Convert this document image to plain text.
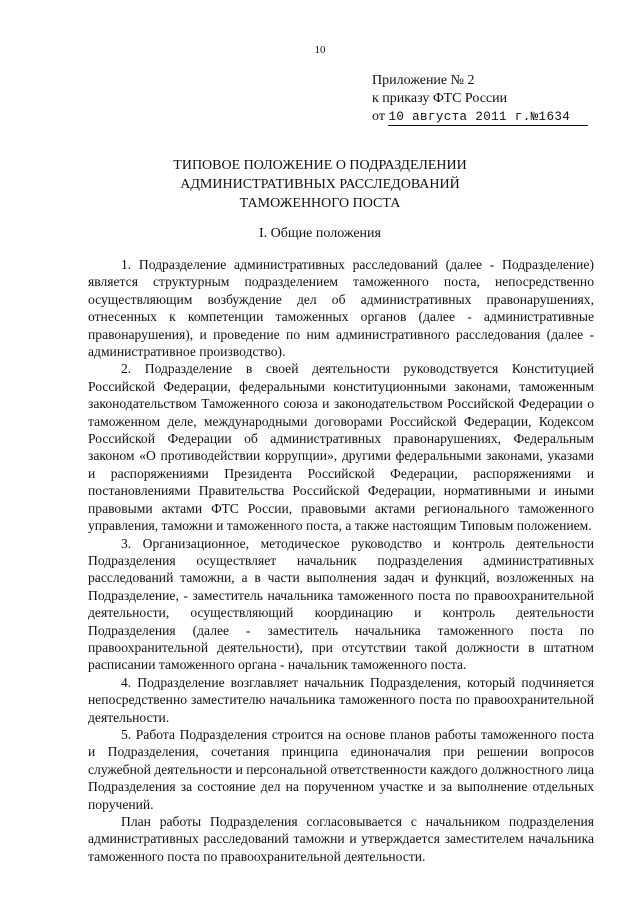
10
Приложение № 2
к приказу ФТС России
от 10 августа 2011 г.№1634
ТИПОВОЕ ПОЛОЖЕНИЕ О ПОДРАЗДЕЛЕНИИ
АДМИНИСТРАТИВНЫХ РАССЛЕДОВАНИЙ
ТАМОЖЕННОГО ПОСТА
I. Общие положения

1. Подразделение административных расследований (далее - Подразделение) является структурным подразделением таможенного поста, непосредственно осуществляющим возбуждение дел об административных правонарушениях, отнесенных к компетенции таможенных органов (далее - административные правонарушения), и проведение по ним административного расследования (далее - административное производство).

2. Подразделение в своей деятельности руководствуется Конституцией Российской Федерации, федеральными конституционными законами, таможенным законодательством Таможенного союза и законодательством Российской Федерации о таможенном деле, международными договорами Российской Федерации, Кодексом Российской Федерации об административных правонарушениях, Федеральным законом «О противодействии коррупции», другими федеральными законами, указами и распоряжениями Президента Российской Федерации, распоряжениями и постановлениями Правительства Российской Федерации, нормативными и иными правовыми актами ФТС России, правовыми актами регионального таможенного управления, таможни и таможенного поста, а также настоящим Типовым положением.

3. Организационное, методическое руководство и контроль деятельности Подразделения осуществляет начальник подразделения административных расследований таможни, а в части выполнения задач и функций, возложенных на Подразделение, - заместитель начальника таможенного поста по правоохранительной деятельности, осуществляющий координацию и контроль деятельности Подразделения (далее - заместитель начальника таможенного поста по правоохранительной деятельности), при отсутствии такой должности в штатном расписании таможенного органа - начальник таможенного поста.

4. Подразделение возглавляет начальник Подразделения, который подчиняется непосредственно заместителю начальника таможенного поста по правоохранительной деятельности.

5. Работа Подразделения строится на основе планов работы таможенного поста и Подразделения, сочетания принципа единоначалия при решении вопросов служебной деятельности и персональной ответственности каждого должностного лица Подразделения за состояние дел на порученном участке и за выполнение отдельных поручений.

План работы Подразделения согласовывается с начальником подразделения административных расследований таможни и утверждается заместителем начальника таможенного поста по правоохранительной деятельности.
